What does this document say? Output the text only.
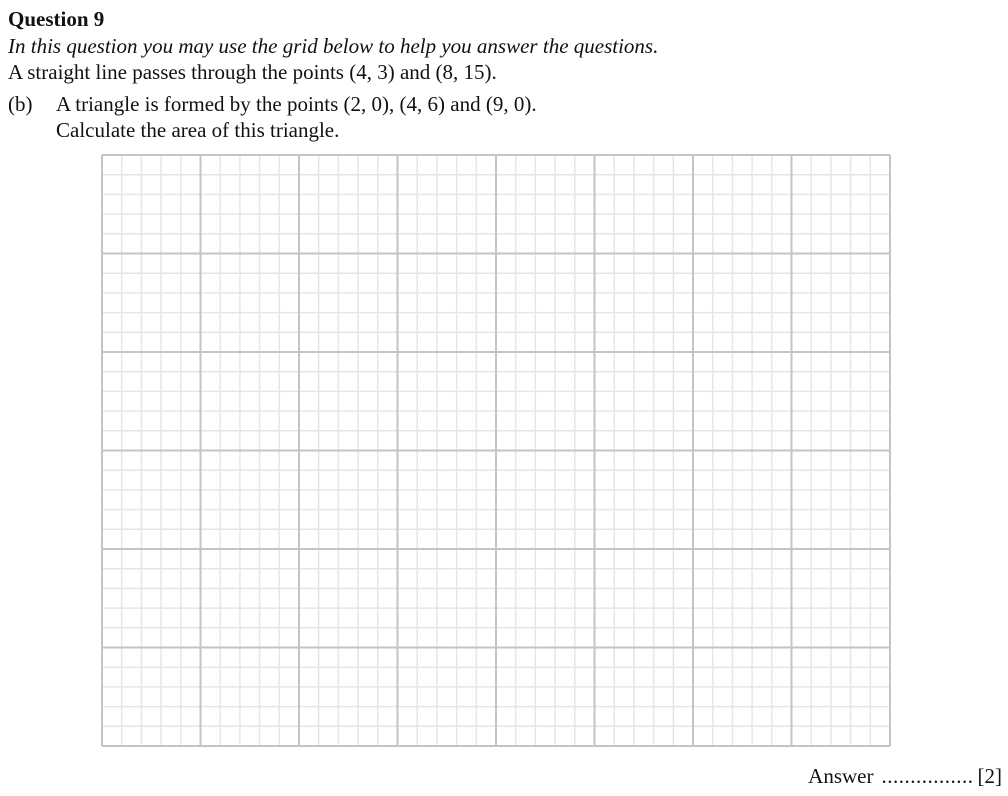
Question 9
In this question you may use the grid below to help you answer the questions.
A straight line passes through the points (4, 3) and (8, 15).
(b) A triangle is formed by the points (2, 0), (4, 6) and (9, 0).
Calculate the area of this triangle.
Answer ................ [2]
